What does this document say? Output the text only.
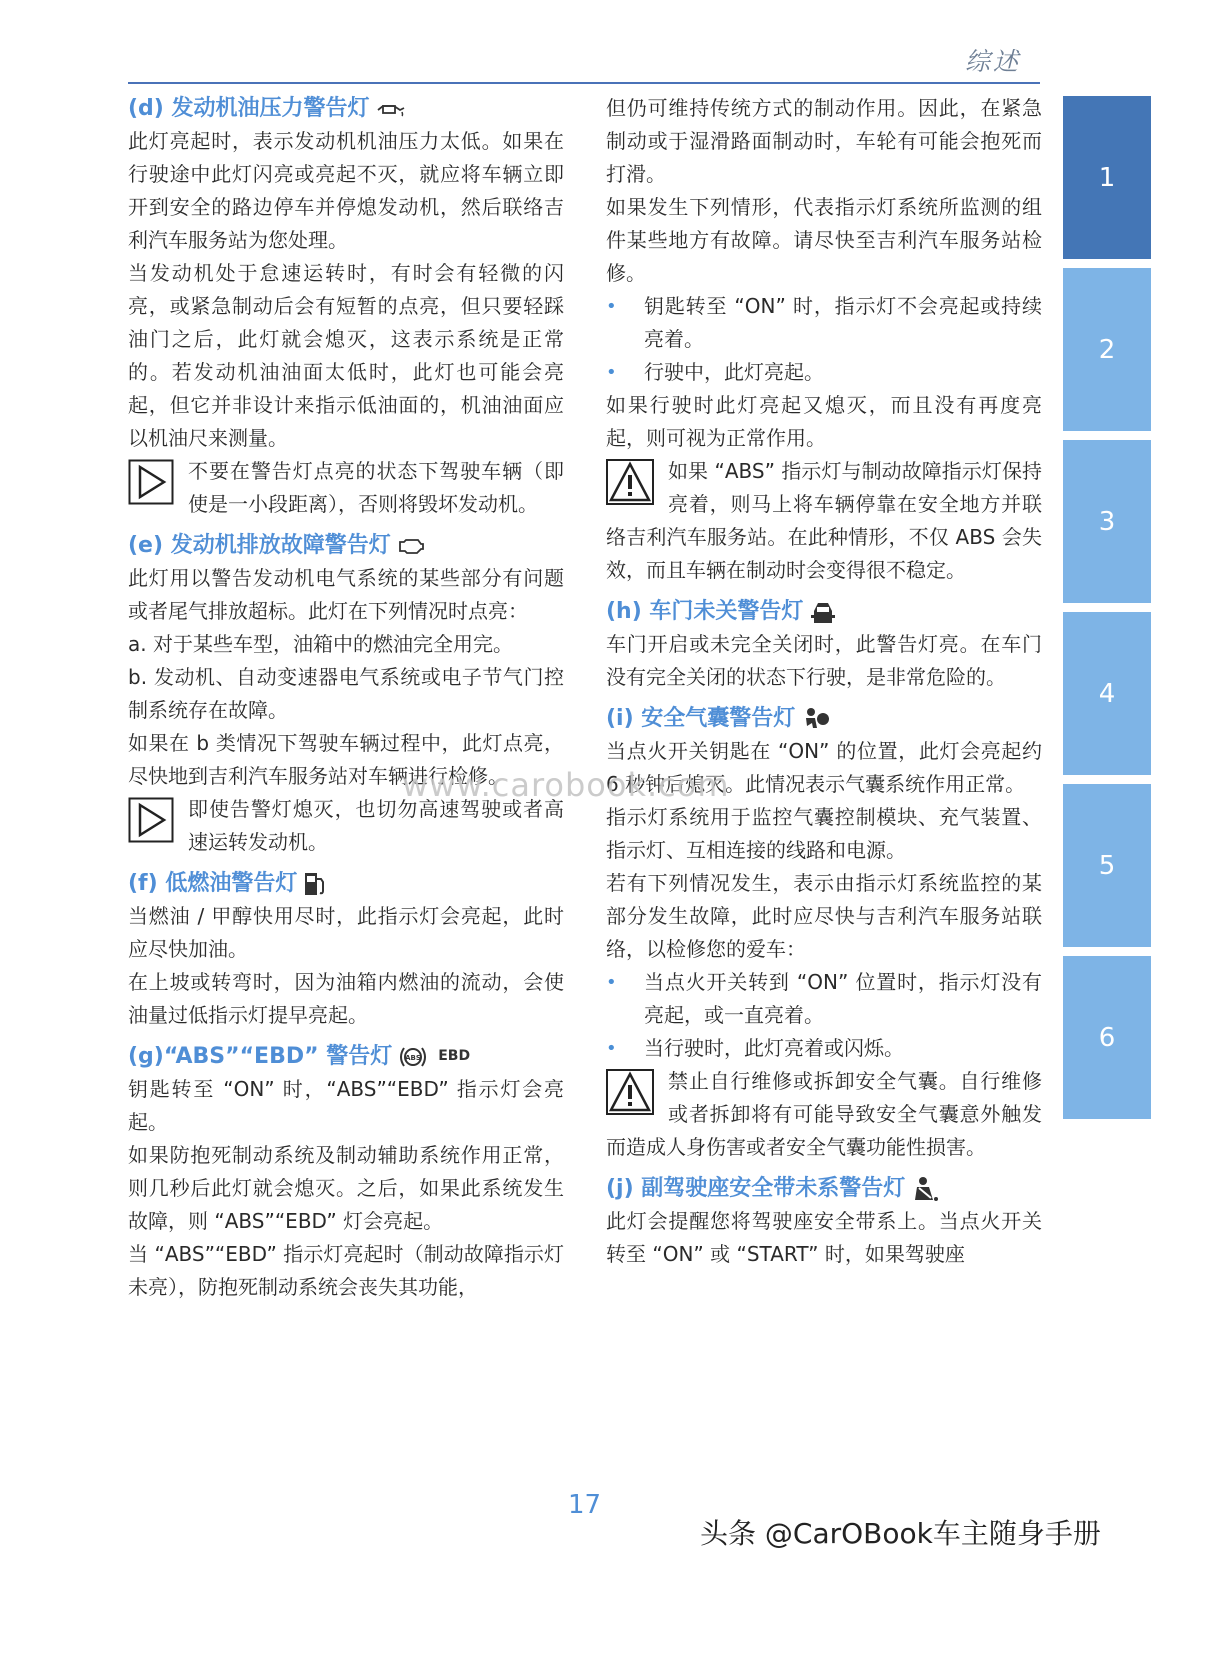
综述
(d) 发动机油压力警告灯

此灯亮起时，表示发动机机油压力太低。如果在行驶途中此灯闪亮或亮起不灭，就应将车辆立即开到安全的路边停车并停熄发动机，然后联络吉利汽车服务站为您处理。

当发动机处于怠速运转时，有时会有轻微的闪亮，或紧急制动后会有短暂的点亮，但只要轻踩油门之后，此灯就会熄灭，这表示系统是正常的。若发动机油油面太低时，此灯也可能会亮起，但它并非设计来指示低油面的，机油油面应以机油尺来测量。

不要在警告灯点亮的状态下驾驶车辆（即使是一小段距离），否则将毁坏发动机。
(e) 发动机排放故障警告灯

此灯用以警告发动机电气系统的某些部分有问题或者尾气排放超标。此灯在下列情况时点亮：

a. 对于某些车型，油箱中的燃油完全用完。

b. 发动机、自动变速器电气系统或电子节气门控制系统存在故障。

如果在 b 类情况下驾驶车辆过程中，此灯点亮，尽快地到吉利汽车服务站对车辆进行检修。

即使告警灯熄灭，也切勿高速驾驶或者高速运转发动机。
(f) 低燃油警告灯

当燃油 / 甲醇快用尽时，此指示灯会亮起，此时应尽快加油。

在上坡或转弯时，因为油箱内燃油的流动，会使油量过低指示灯提早亮起。

(g)“ABS”“EBD” 警告灯 ABS EBD

钥匙转至 “ON” 时，“ABS”“EBD” 指示灯会亮起。

如果防抱死制动系统及制动辅助系统作用正常，则几秒后此灯就会熄灭。之后，如果此系统发生故障，则 “ABS”“EBD” 灯会亮起。

当 “ABS”“EBD” 指示灯亮起时（制动故障指示灯未亮），防抱死制动系统会丧失其功能，

但仍可维持传统方式的制动作用。因此，在紧急制动或于湿滑路面制动时，车轮有可能会抱死而打滑。

如果发生下列情形，代表指示灯系统所监测的组件某些地方有故障。请尽快至吉利汽车服务站检修。

•	钥匙转至 “ON” 时，指示灯不会亮起或持续亮着。
•	行驶中，此灯亮起。

如果行驶时此灯亮起又熄灭，而且没有再度亮起，则可视为正常作用。

如果 “ABS” 指示灯与制动故障指示灯保持亮着，则马上将车辆停靠在安全地方并联络吉利汽车服务站。在此种情形，不仅 ABS 会失效，而且车辆在制动时会变得很不稳定。
(h) 车门未关警告灯

车门开启或未完全关闭时，此警告灯亮。在车门没有完全关闭的状态下行驶，是非常危险的。

(i) 安全气囊警告灯

当点火开关钥匙在 “ON” 的位置，此灯会亮起约 6 秒钟后熄灭。此情况表示气囊系统作用正常。

指示灯系统用于监控气囊控制模块、充气装置、指示灯、互相连接的线路和电源。

若有下列情况发生，表示由指示灯系统监控的某部分发生故障，此时应尽快与吉利汽车服务站联络，以检修您的爱车：

•	当点火开关转到 “ON” 位置时，指示灯没有亮起，或一直亮着。
•	当行驶时，此灯亮着或闪烁。
禁止自行维修或拆卸安全气囊。自行维修或者拆卸将有可能导致安全气囊意外触发而造成人身伤害或者安全气囊功能性损害。
(j) 副驾驶座安全带未系警告灯

此灯会提醒您将驾驶座安全带系上。当点火开关转至 “ON” 或 “START” 时，如果驾驶座

1
2
3
4
5
6
www.carobook.com
17
头条 @CarOBook车主随身手册
